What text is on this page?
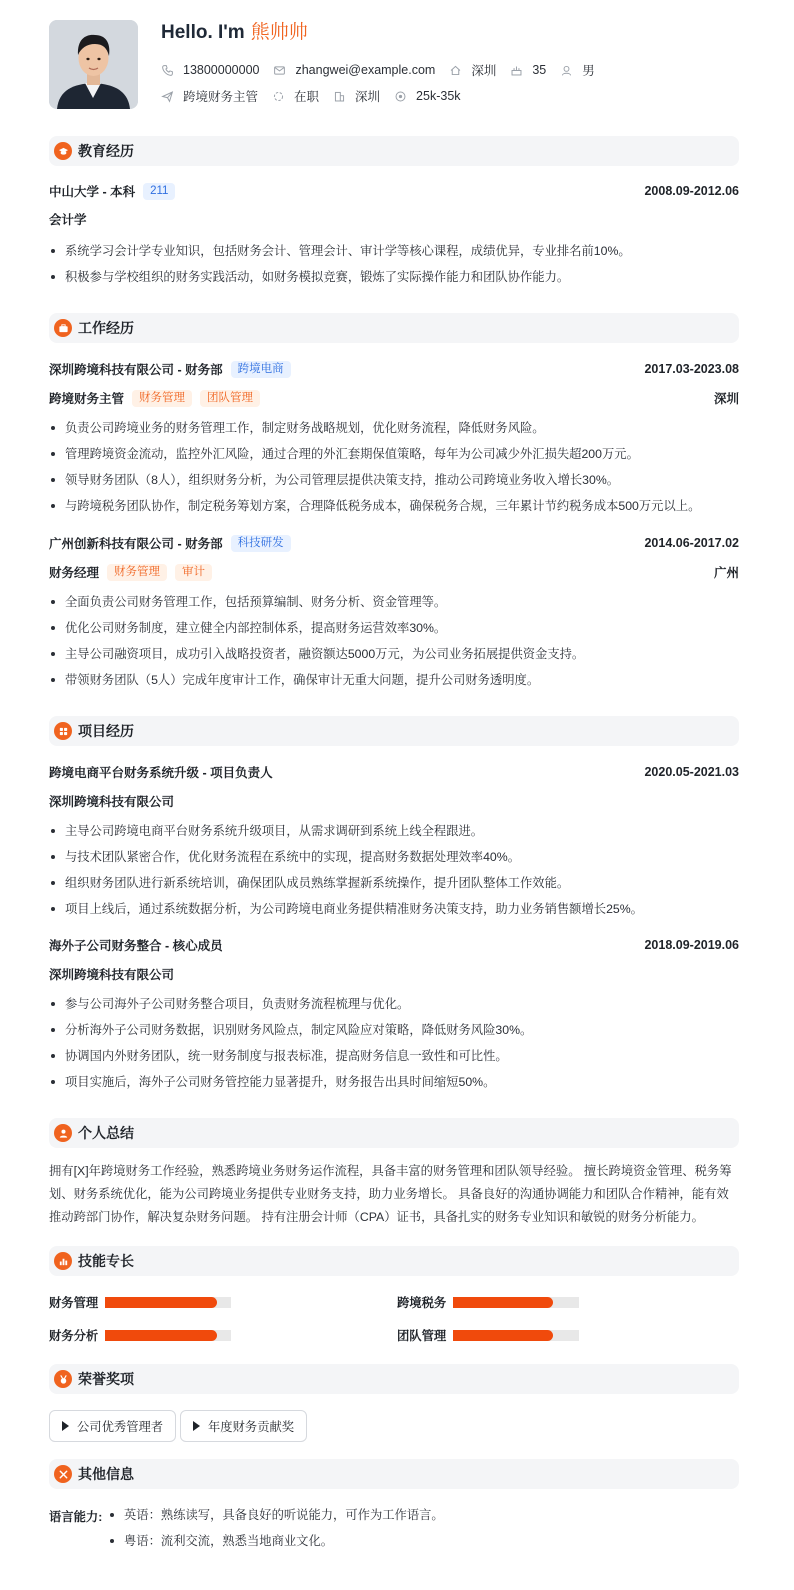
Hello. I'm 熊帅帅
13800000000	zhangwei@example.com	深圳	35	男
跨境财务主管	在职	深圳	25k-35k
教育经历
中山大学 - 本科	211	2008.09-2012.06
会计学
系统学习会计学专业知识，包括财务会计、管理会计、审计学等核心课程，成绩优异，专业排名前10%。
积极参与学校组织的财务实践活动，如财务模拟竞赛，锻炼了实际操作能力和团队协作能力。
工作经历
深圳跨境科技有限公司 - 财务部	跨境电商	2017.03-2023.08
跨境财务主管	财务管理	团队管理	深圳
负责公司跨境业务的财务管理工作，制定财务战略规划，优化财务流程，降低财务风险。
管理跨境资金流动，监控外汇风险，通过合理的外汇套期保值策略，每年为公司减少外汇损失超200万元。
领导财务团队（8人），组织财务分析，为公司管理层提供决策支持，推动公司跨境业务收入增长30%。
与跨境税务团队协作，制定税务筹划方案，合理降低税务成本，确保税务合规，三年累计节约税务成本500万元以上。
广州创新科技有限公司 - 财务部	科技研发	2014.06-2017.02
财务经理	财务管理	审计	广州
全面负责公司财务管理工作，包括预算编制、财务分析、资金管理等。
优化公司财务制度，建立健全内部控制体系，提高财务运营效率30%。
主导公司融资项目，成功引入战略投资者，融资额达5000万元，为公司业务拓展提供资金支持。
带领财务团队（5人）完成年度审计工作，确保审计无重大问题，提升公司财务透明度。
项目经历
跨境电商平台财务系统升级 - 项目负责人	2020.05-2021.03
深圳跨境科技有限公司
主导公司跨境电商平台财务系统升级项目，从需求调研到系统上线全程跟进。
与技术团队紧密合作，优化财务流程在系统中的实现，提高财务数据处理效率40%。
组织财务团队进行新系统培训，确保团队成员熟练掌握新系统操作，提升团队整体工作效能。
项目上线后，通过系统数据分析，为公司跨境电商业务提供精准财务决策支持，助力业务销售额增长25%。
海外子公司财务整合 - 核心成员	2018.09-2019.06
深圳跨境科技有限公司
参与公司海外子公司财务整合项目，负责财务流程梳理与优化。
分析海外子公司财务数据，识别财务风险点，制定风险应对策略，降低财务风险30%。
协调国内外财务团队，统一财务制度与报表标准，提高财务信息一致性和可比性。
项目实施后，海外子公司财务管控能力显著提升，财务报告出具时间缩短50%。
个人总结

拥有[X]年跨境财务工作经验，熟悉跨境业务财务运作流程，具备丰富的财务管理和团队领导经验。 擅长跨境资金管理、税务筹划、财务系统优化，能为公司跨境业务提供专业财务支持，助力业务增长。 具备良好的沟通协调能力和团队合作精神，能有效推动跨部门协作，解决复杂财务问题。 持有注册会计师（CPA）证书，具备扎实的财务专业知识和敏锐的财务分析能力。

技能专长
财务管理	跨境税务
财务分析	团队管理
荣誉奖项
公司优秀管理者	年度财务贡献奖
其他信息
语言能力:	英语：熟练读写，具备良好的听说能力，可作为工作语言。
粤语：流利交流，熟悉当地商业文化。
